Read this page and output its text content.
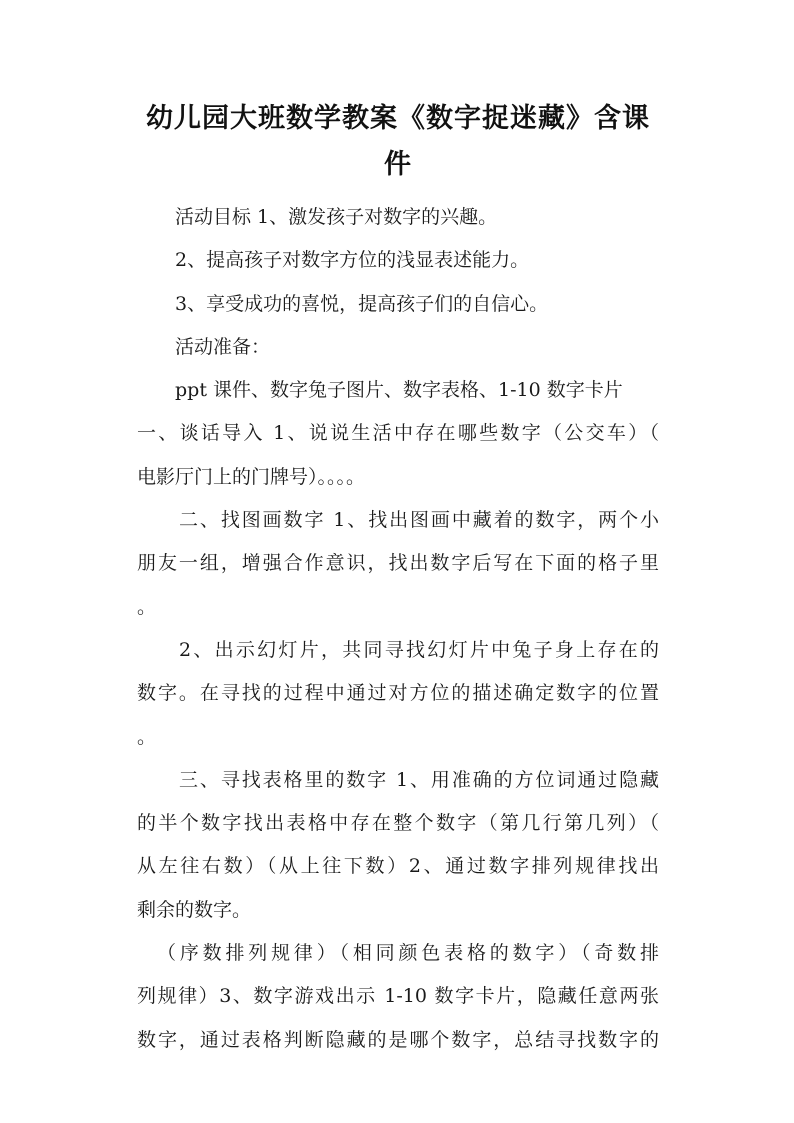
幼儿园大班数学教案《数字捉迷藏》含课
件
活动目标 1、激发孩子对数字的兴趣。
2、提高孩子对数字方位的浅显表述能力。
3、享受成功的喜悦，提高孩子们的自信心。
活动准备：
ppt 课件、数字兔子图片、数字表格、1-10 数字卡片
一、谈话导入 1、说说生活中存在哪些数字（公交车）（
电影厅门上的门牌号）。。。。
二、找图画数字 1、找出图画中藏着的数字，两个小
朋友一组，增强合作意识，找出数字后写在下面的格子里
。
2、出示幻灯片，共同寻找幻灯片中兔子身上存在的
数字。在寻找的过程中通过对方位的描述确定数字的位置
。
三、寻找表格里的数字 1、用准确的方位词通过隐藏
的半个数字找出表格中存在整个数字（第几行第几列）（
从左往右数）（从上往下数）2、通过数字排列规律找出
剩余的数字。
（序数排列规律）（相同颜色表格的数字）（奇数排
列规律）3、数字游戏出示 1-10 数字卡片，隐藏任意两张
数字，通过表格判断隐藏的是哪个数字，总结寻找数字的
